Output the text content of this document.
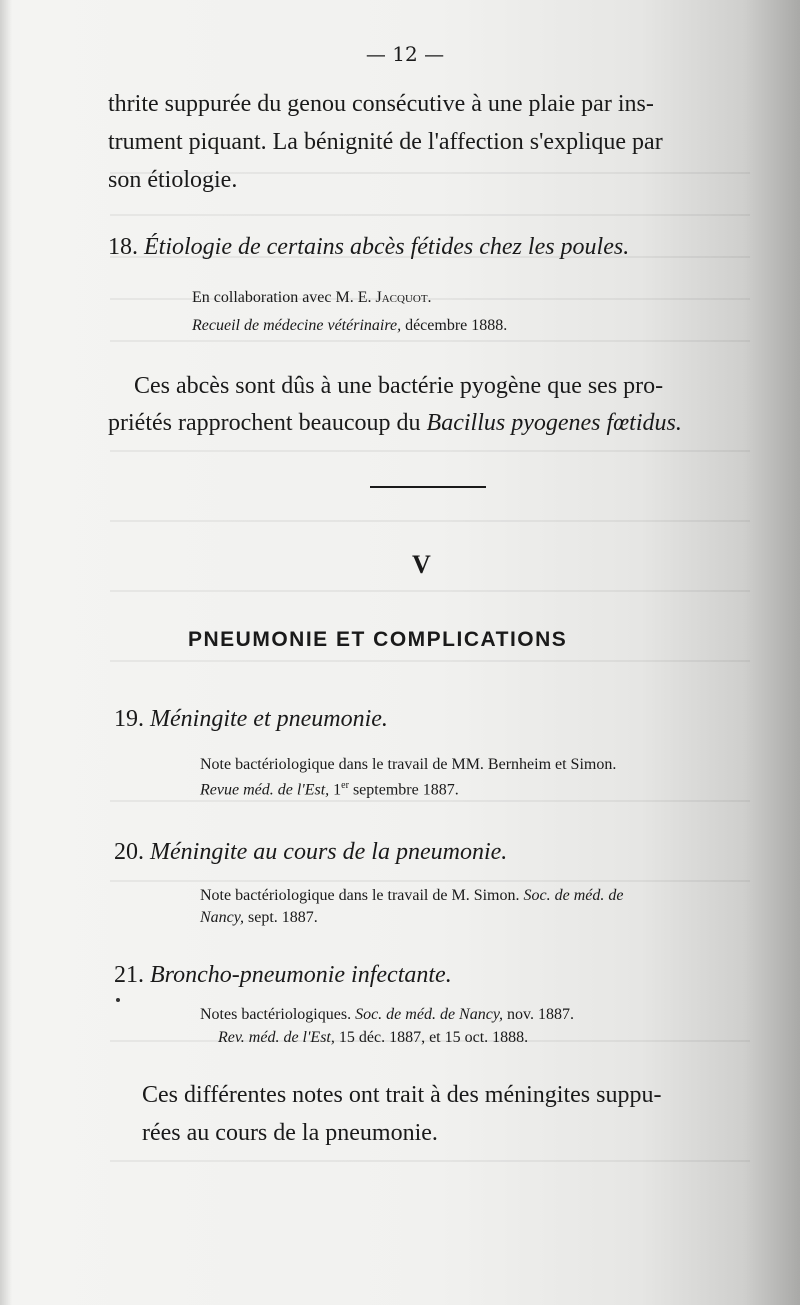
— 12 —

thrite suppurée du genou consécutive à une plaie par ins-

trument piquant. La bénignité de l'affection s'explique par

son étiologie.

18. Étiologie de certains abcès fétides chez les poules.

En collaboration avec M. E. Jacquot.

Recueil de médecine vétérinaire, décembre 1888.

Ces abcès sont dûs à une bactérie pyogène que ses pro-

priétés rapprochent beaucoup du Bacillus pyogenes fœtidus.

V

PNEUMONIE ET COMPLICATIONS

19. Méningite et pneumonie.

Note bactériologique dans le travail de MM. Bernheim et Simon.

Revue méd. de l'Est, 1er septembre 1887.

20. Méningite au cours de la pneumonie.

Note bactériologique dans le travail de M. Simon. Soc. de méd. de

Nancy, sept. 1887.

21. Broncho-pneumonie infectante.

Notes bactériologiques. Soc. de méd. de Nancy, nov. 1887.

Rev. méd. de l'Est, 15 déc. 1887, et 15 oct. 1888.

Ces différentes notes ont trait à des méningites suppu-

rées au cours de la pneumonie.
